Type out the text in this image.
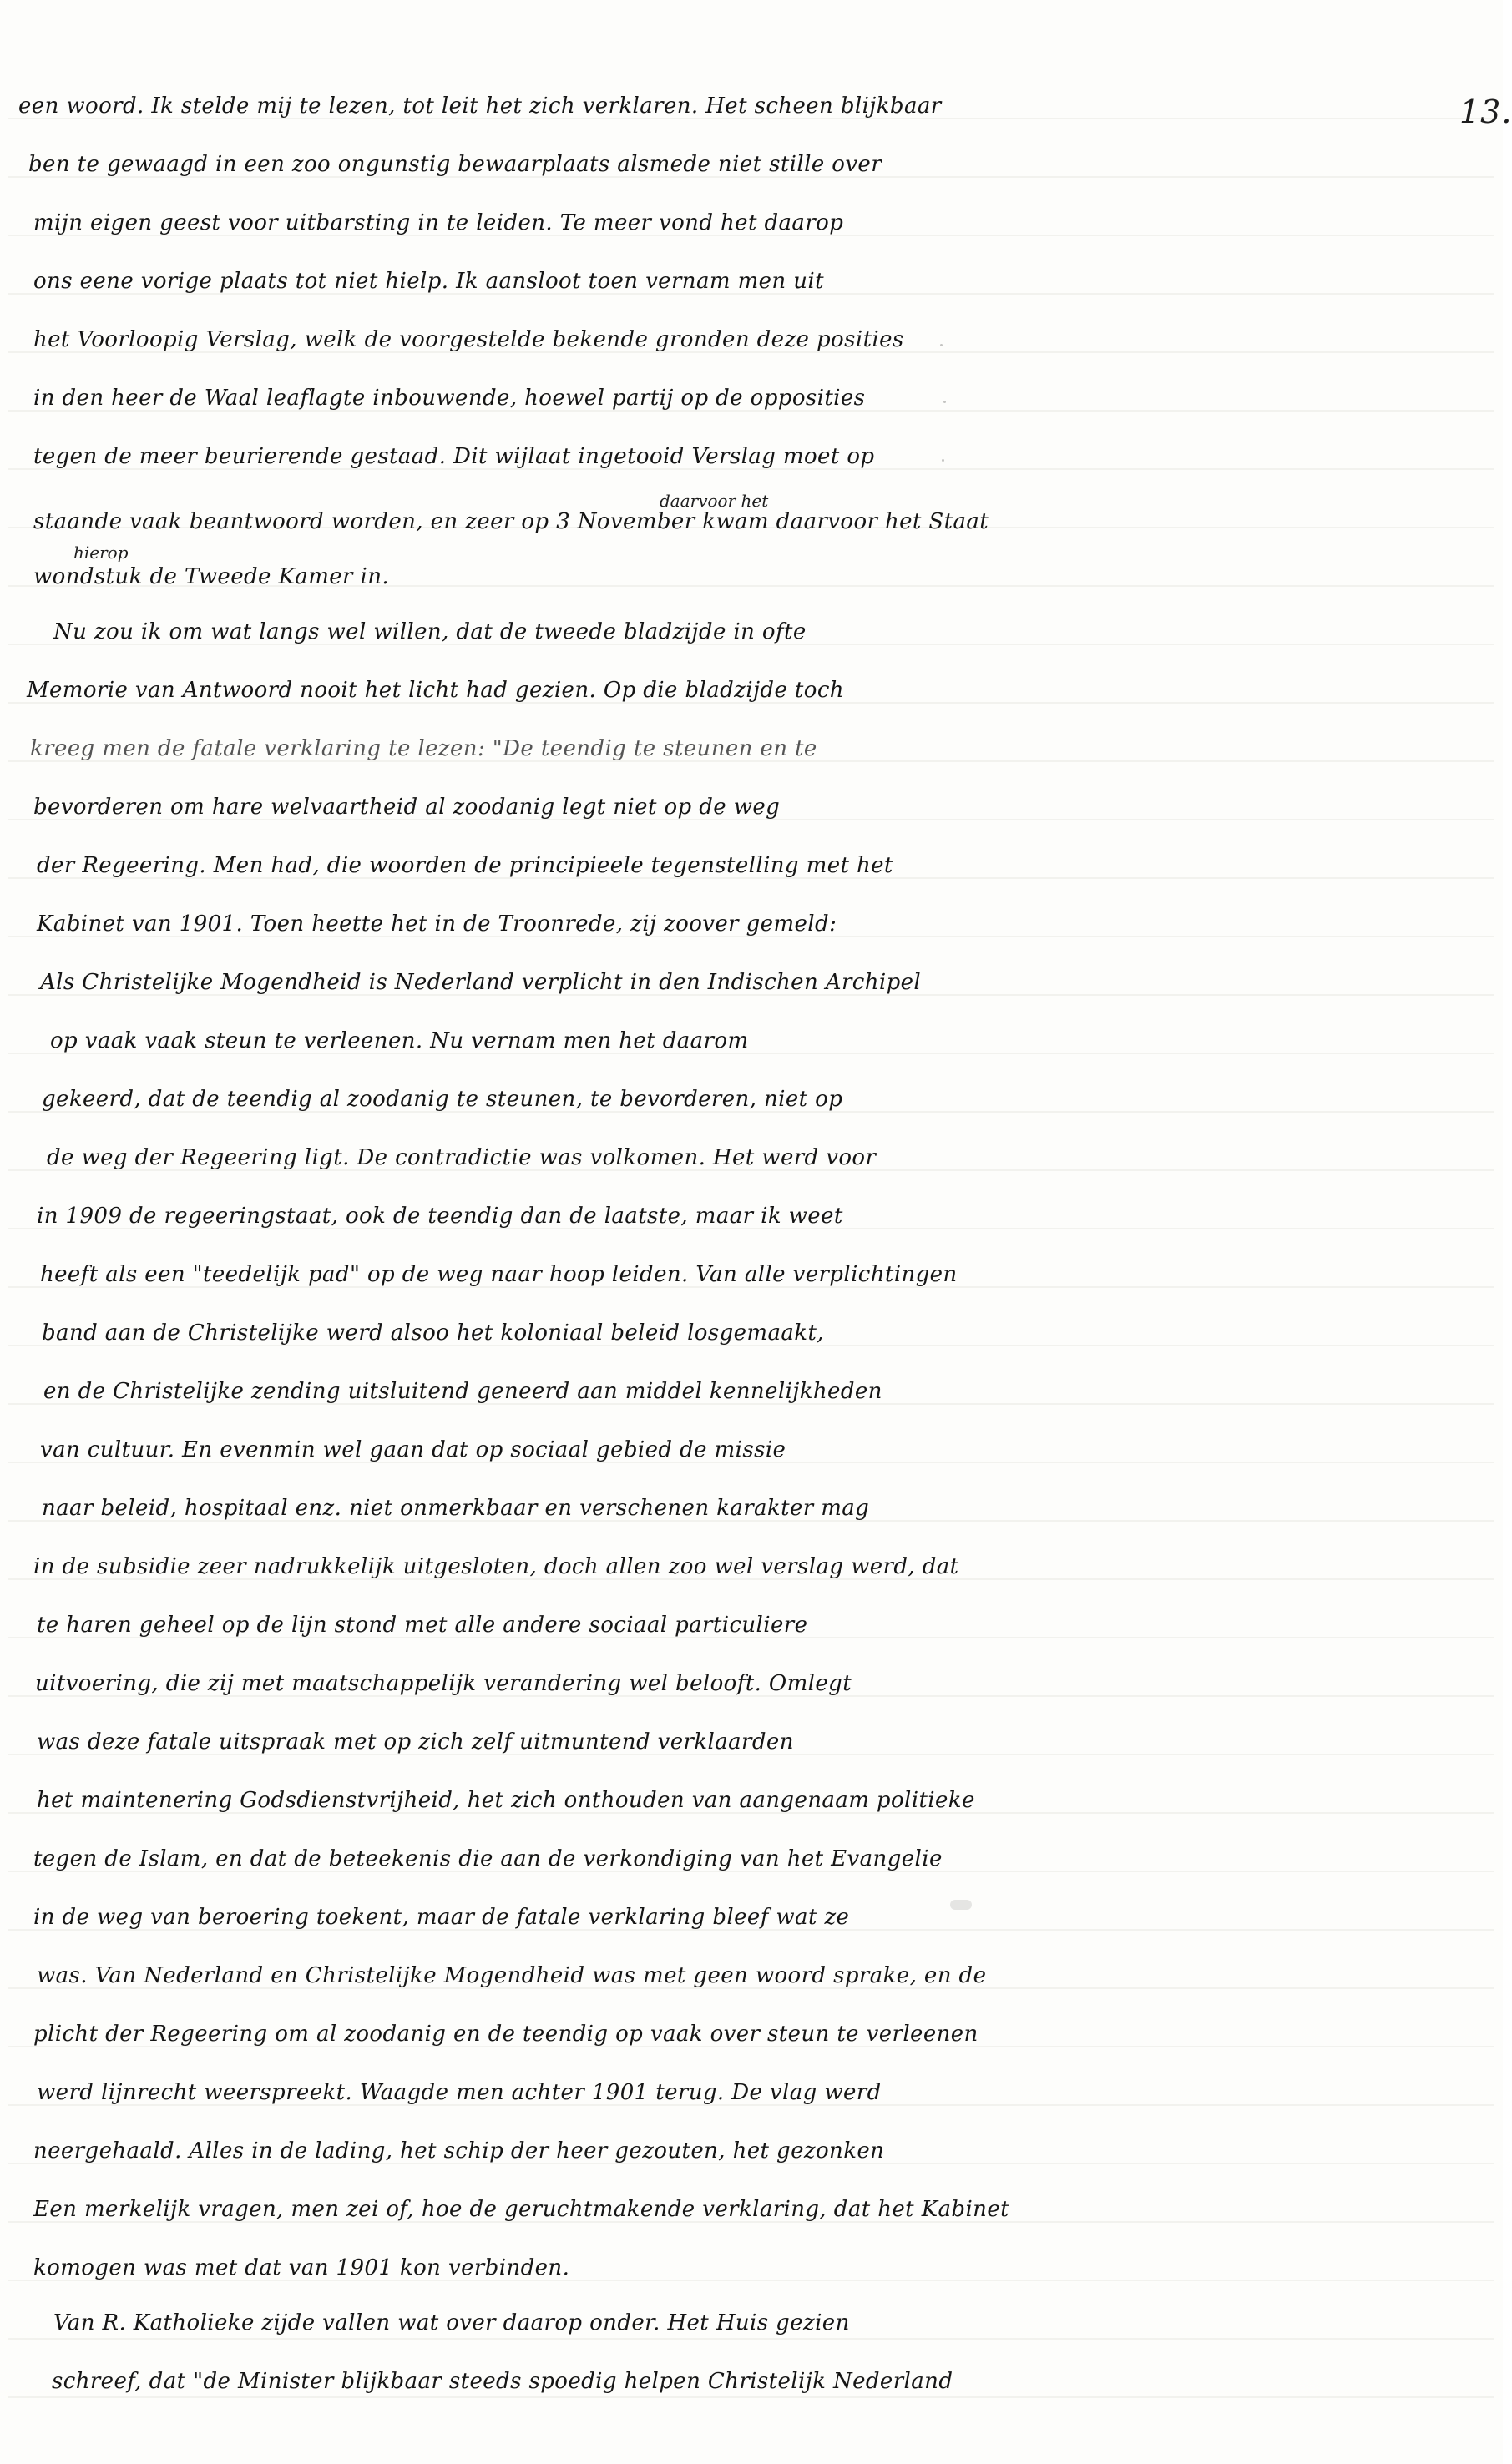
13.
een woord. Ik stelde mij te lezen, tot leit het zich verklaren. Het scheen blijkbaar
ben te gewaagd in een zoo ongunstig bewaarplaats alsmede niet stille over
mijn eigen geest voor uitbarsting in te leiden. Te meer vond het daarop
ons eene vorige plaats tot niet hielp. Ik aansloot toen vernam men uit
het Voorloopig Verslag, welk de voorgestelde bekende gronden deze posities
in den heer de Waal leaflagte inbouwende, hoewel partij op de opposities
tegen de meer beurierende gestaad. Dit wijlaat ingetooid Verslag moet op
daarvoor het
staande vaak beantwoord worden, en zeer op 3 November kwam daarvoor het Staat
hierop
wondstuk de Tweede Kamer in.
Nu zou ik om wat langs wel willen, dat de tweede bladzijde in ofte
Memorie van Antwoord nooit het licht had gezien. Op die bladzijde toch
kreeg men de fatale verklaring te lezen: "De teendig te steunen en te
bevorderen om hare welvaartheid al zoodanig legt niet op de weg
der Regeering. Men had, die woorden de principieele tegenstelling met het
Kabinet van 1901. Toen heette het in de Troonrede, zij zoover gemeld:
Als Christelijke Mogendheid is Nederland verplicht in den Indischen Archipel
op vaak vaak steun te verleenen. Nu vernam men het daarom
gekeerd, dat de teendig al zoodanig te steunen, te bevorderen, niet op
de weg der Regeering ligt. De contradictie was volkomen. Het werd voor
in 1909 de regeeringstaat, ook de teendig dan de laatste, maar ik weet
heeft als een "teedelijk pad" op de weg naar hoop leiden. Van alle verplichtingen
band aan de Christelijke werd alsoo het koloniaal beleid losgemaakt,
en de Christelijke zending uitsluitend geneerd aan middel kennelijkheden
van cultuur. En evenmin wel gaan dat op sociaal gebied de missie
naar beleid, hospitaal enz. niet onmerkbaar en verschenen karakter mag
in de subsidie zeer nadrukkelijk uitgesloten, doch allen zoo wel verslag werd, dat
te haren geheel op de lijn stond met alle andere sociaal particuliere
uitvoering, die zij met maatschappelijk verandering wel belooft. Omlegt
was deze fatale uitspraak met op zich zelf uitmuntend verklaarden
het maintenering Godsdienstvrijheid, het zich onthouden van aangenaam politieke
tegen de Islam, en dat de beteekenis die aan de verkondiging van het Evangelie
in de weg van beroering toekent, maar de fatale verklaring bleef wat ze
was. Van Nederland en Christelijke Mogendheid was met geen woord sprake, en de
plicht der Regeering om al zoodanig en de teendig op vaak over steun te verleenen
werd lijnrecht weerspreekt. Waagde men achter 1901 terug. De vlag werd
neergehaald. Alles in de lading, het schip der heer gezouten, het gezonken
Een merkelijk vragen, men zei of, hoe de geruchtmakende verklaring, dat het Kabinet
komogen was met dat van 1901 kon verbinden.
Van R. Katholieke zijde vallen wat over daarop onder. Het Huis gezien
schreef, dat "de Minister blijkbaar steeds spoedig helpen Christelijk Nederland
